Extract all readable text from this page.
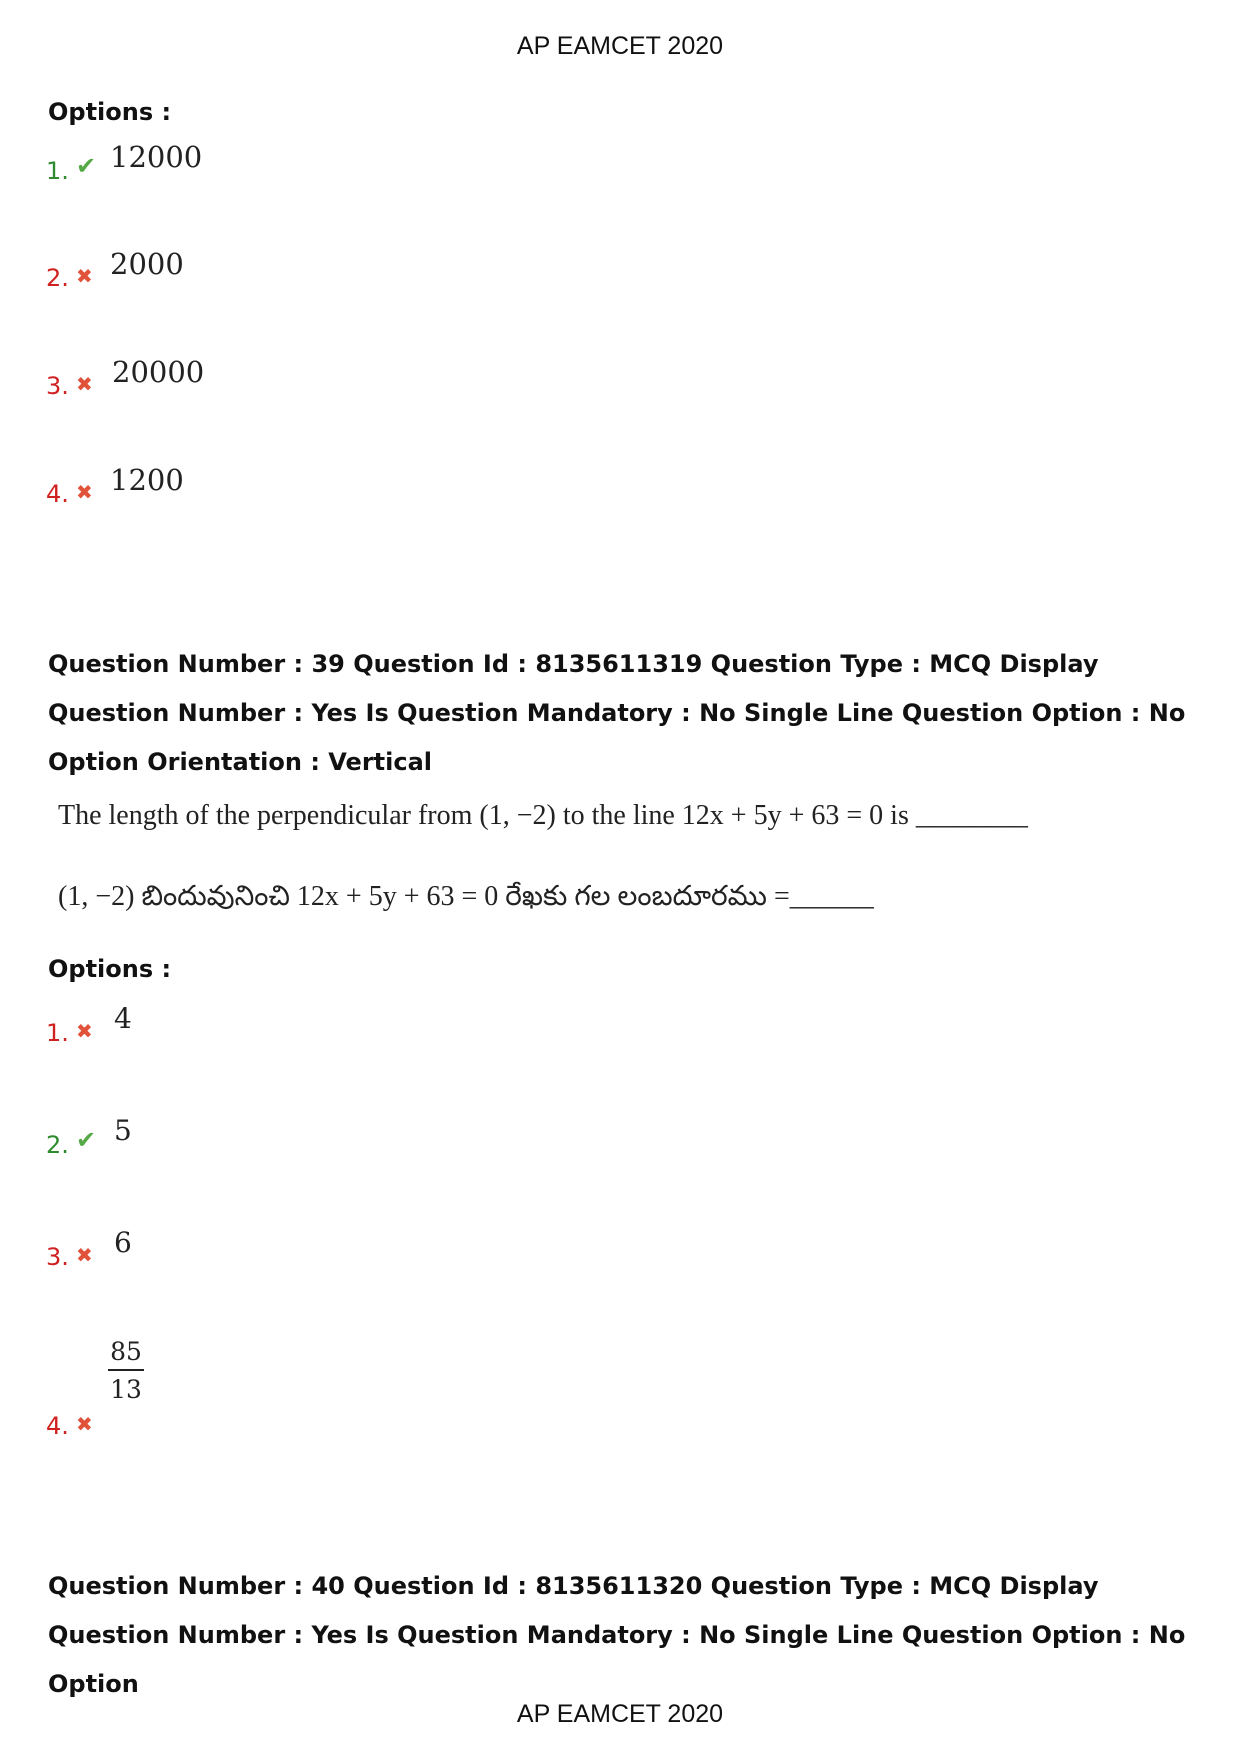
AP EAMCET 2020
Options :
1. ✔ 12000
2. ✖ 2000
3. ✖ 20000
4. ✖ 1200
Question Number : 39 Question Id : 8135611319 Question Type : MCQ Display Question Number : Yes Is Question Mandatory : No Single Line Question Option : No Option Orientation : Vertical
The length of the perpendicular from (1, −2) to the line 12x + 5y + 63 = 0 is ________
(1, −2) బిందువునించి 12x + 5y + 63 = 0 రేఖకు గల లంబదూరము =______
Options :
1. ✖ 4
2. ✔ 5
3. ✖ 6
4. ✖
85
13
Question Number : 40 Question Id : 8135611320 Question Type : MCQ Display Question Number : Yes Is Question Mandatory : No Single Line Question Option : No Option
AP EAMCET 2020
